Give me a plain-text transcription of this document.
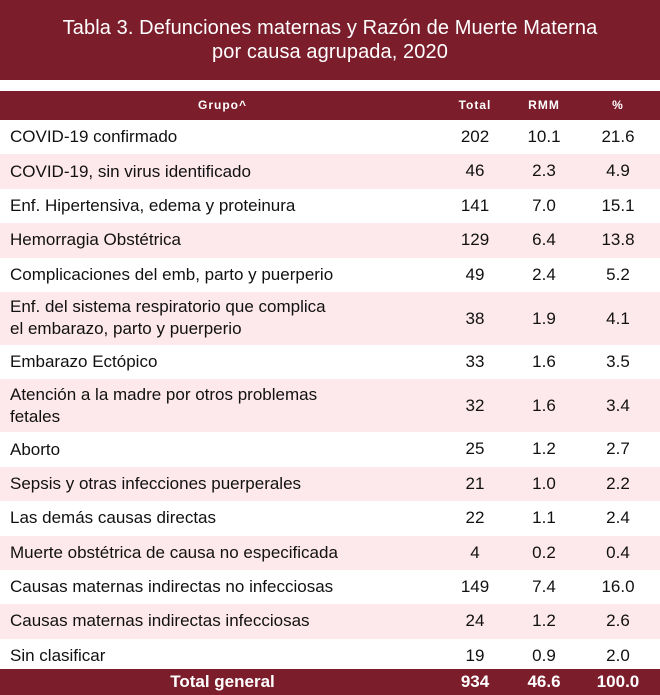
Tabla 3. Defunciones maternas y Razón de Muerte Materna
por causa agrupada, 2020
Grupo^	Total	RMM	%
COVID-19 confirmado	202	10.1	21.6
COVID-19, sin virus identificado	46	2.3	4.9
Enf. Hipertensiva, edema y proteinura	141	7.0	15.1
Hemorragia Obstétrica	129	6.4	13.8
Complicaciones del emb, parto y puerperio	49	2.4	5.2
Enf. del sistema respiratorio que complica
el embarazo, parto y puerperio
38	1.9	4.1
Embarazo Ectópico	33	1.6	3.5
Atención a la madre por otros problemas
fetales
32	1.6	3.4
Aborto	25	1.2	2.7
Sepsis y otras infecciones puerperales	21	1.0	2.2
Las demás causas directas	22	1.1	2.4
Muerte obstétrica de causa no especificada	4	0.2	0.4
Causas maternas indirectas no infecciosas	149	7.4	16.0
Causas maternas indirectas infecciosas	24	1.2	2.6
Sin clasificar	19	0.9	2.0
Total general	934	46.6	100.0
